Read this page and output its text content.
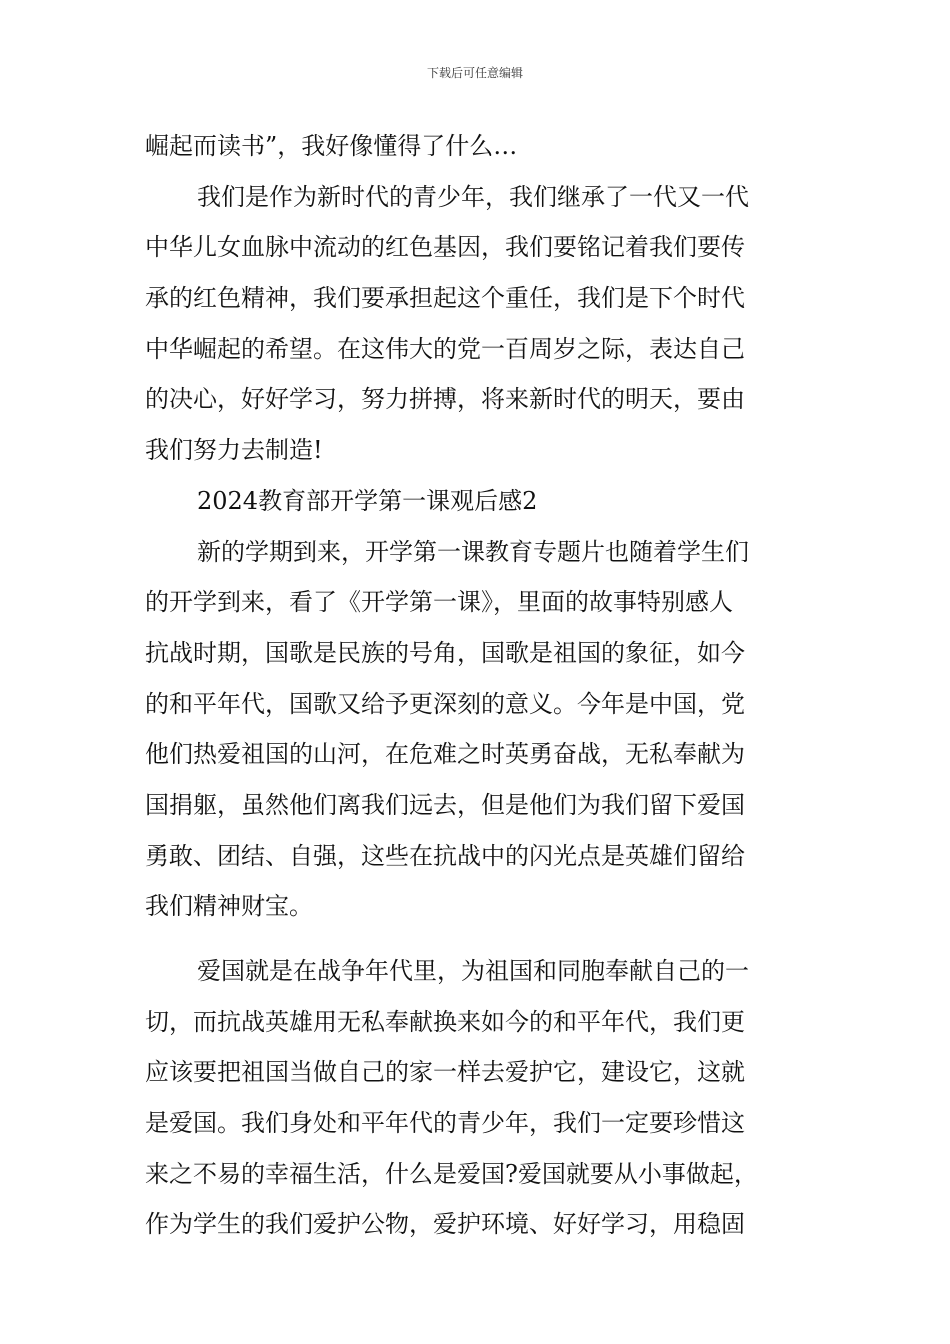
下载后可任意编辑
崛起而读书”，我好像懂得了什么…
我们是作为新时代的青少年，我们继承了一代又一代
中华儿女血脉中流动的红色基因，我们要铭记着我们要传
承的红色精神，我们要承担起这个重任，我们是下个时代
中华崛起的希望。在这伟大的党一百周岁之际，表达自己
的决心，好好学习，努力拼搏，将来新时代的明天，要由
我们努力去制造!
2024教育部开学第一课观后感2
新的学期到来，开学第一课教育专题片也随着学生们
的开学到来，看了《开学第一课》，里面的故事特别感人
抗战时期，国歌是民族的号角，国歌是祖国的象征，如今
的和平年代，国歌又给予更深刻的意义。今年是中国，党
他们热爱祖国的山河，在危难之时英勇奋战，无私奉献为
国捐躯，虽然他们离我们远去，但是他们为我们留下爱国
勇敢、团结、自强，这些在抗战中的闪光点是英雄们留给
我们精神财宝。
爱国就是在战争年代里，为祖国和同胞奉献自己的一
切，而抗战英雄用无私奉献换来如今的和平年代，我们更
应该要把祖国当做自己的家一样去爱护它，建设它，这就
是爱国。我们身处和平年代的青少年，我们一定要珍惜这
来之不易的幸福生活，什么是爱国?爱国就要从小事做起，
作为学生的我们爱护公物，爱护环境、好好学习，用稳固
